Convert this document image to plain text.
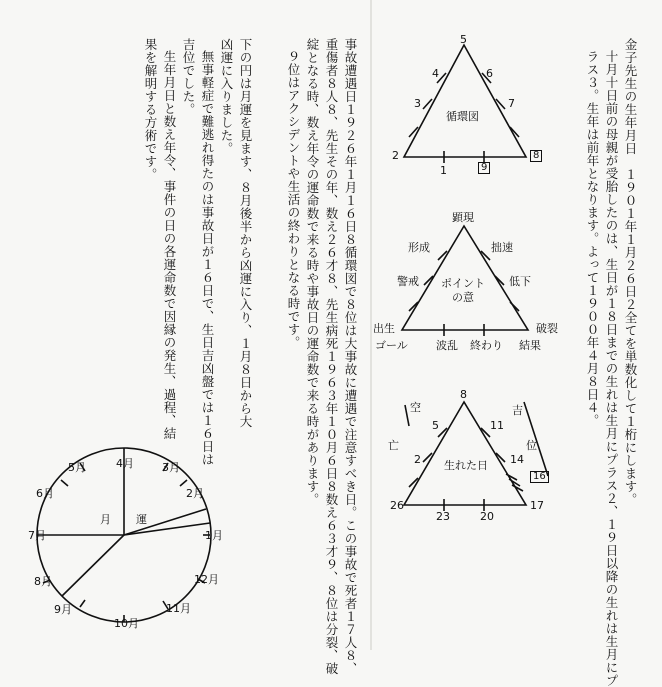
金子先生の生年月日　１９０１年１月２６日２全てを単数化して１桁にします。
十月十日前の母親が受胎したのは、生日が１８日までの生れは生月にプラス２、１９日以降の生れは生月にプ
ラス３。生年は前年となります。よって１９００年４月８日４。
事故遭遇日１９２６年１月１６日８循環図で８位は大事故に遭遇で注意すべき日。この事故で死者１７人８、
重傷者８人８、先生その年、数え２６才８、先生病死１９６３年１０月６日８数え６３才９、８位は分裂、破
綻となる時、数え年令の運命数で来る時や事故日の運命数で来る時があります。
９位はアクシデントや生活の終わりとなる時です。
下の円は月運を見ます、８月後半から凶運に入り、１月８日から大
凶運に入りました。
無事軽症で難逃れ得たのは事故日が１６日で、生日吉凶盤では１６日は
吉位でした。
生年月日と数え年令、事件の日の各運命数で因縁の発生、過程、結
果を解明する方術です。	循環図
5
4	6
3	7
2	8
1	9
ポイント
の意
顕現
形成
警戒
拙速
低下
出生	破裂
ゴール	波乱 終わり 結果
生れた日
8
5
2
11
14
16
26
23	20
17
空
亡
吉
位
4月	3月
2月
1月
12月
11月
10月
9月
8月
7月
6月
5月
月 運
